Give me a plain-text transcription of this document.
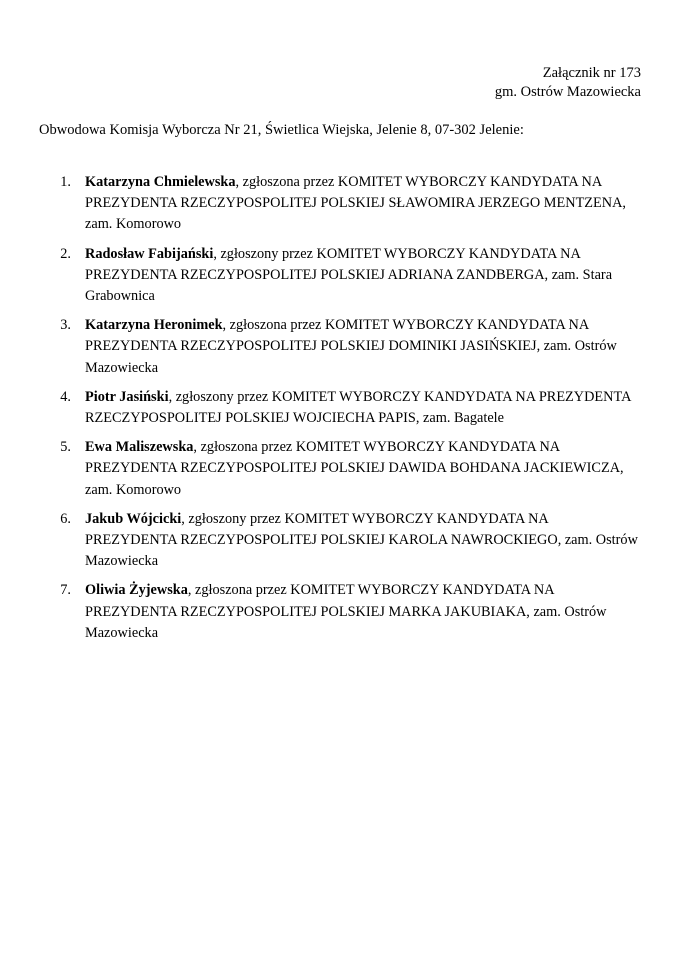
Załącznik nr 173
gm. Ostrów Mazowiecka
Obwodowa Komisja Wyborcza Nr 21, Świetlica Wiejska, Jelenie 8, 07-302 Jelenie:
1. Katarzyna Chmielewska, zgłoszona przez KOMITET WYBORCZY KANDYDATA NA PREZYDENTA RZECZYPOSPOLITEJ POLSKIEJ SŁAWOMIRA JERZEGO MENTZENA, zam. Komorowo
2. Radosław Fabijański, zgłoszony przez KOMITET WYBORCZY KANDYDATA NA PREZYDENTA RZECZYPOSPOLITEJ POLSKIEJ ADRIANA ZANDBERGA, zam. Stara Grabownica
3. Katarzyna Heronimek, zgłoszona przez KOMITET WYBORCZY KANDYDATA NA PREZYDENTA RZECZYPOSPOLITEJ POLSKIEJ DOMINIKI JASIŃSKIEJ, zam. Ostrów Mazowiecka
4. Piotr Jasiński, zgłoszony przez KOMITET WYBORCZY KANDYDATA NA PREZYDENTA RZECZYPOSPOLITEJ POLSKIEJ WOJCIECHA PAPIS, zam. Bagatele
5. Ewa Maliszewska, zgłoszona przez KOMITET WYBORCZY KANDYDATA NA PREZYDENTA RZECZYPOSPOLITEJ POLSKIEJ DAWIDA BOHDANA JACKIEWICZA, zam. Komorowo
6. Jakub Wójcicki, zgłoszony przez KOMITET WYBORCZY KANDYDATA NA PREZYDENTA RZECZYPOSPOLITEJ POLSKIEJ KAROLA NAWROCKIEGO, zam. Ostrów Mazowiecka
7. Oliwia Żyjewska, zgłoszona przez KOMITET WYBORCZY KANDYDATA NA PREZYDENTA RZECZYPOSPOLITEJ POLSKIEJ MARKA JAKUBIAKA, zam. Ostrów Mazowiecka
